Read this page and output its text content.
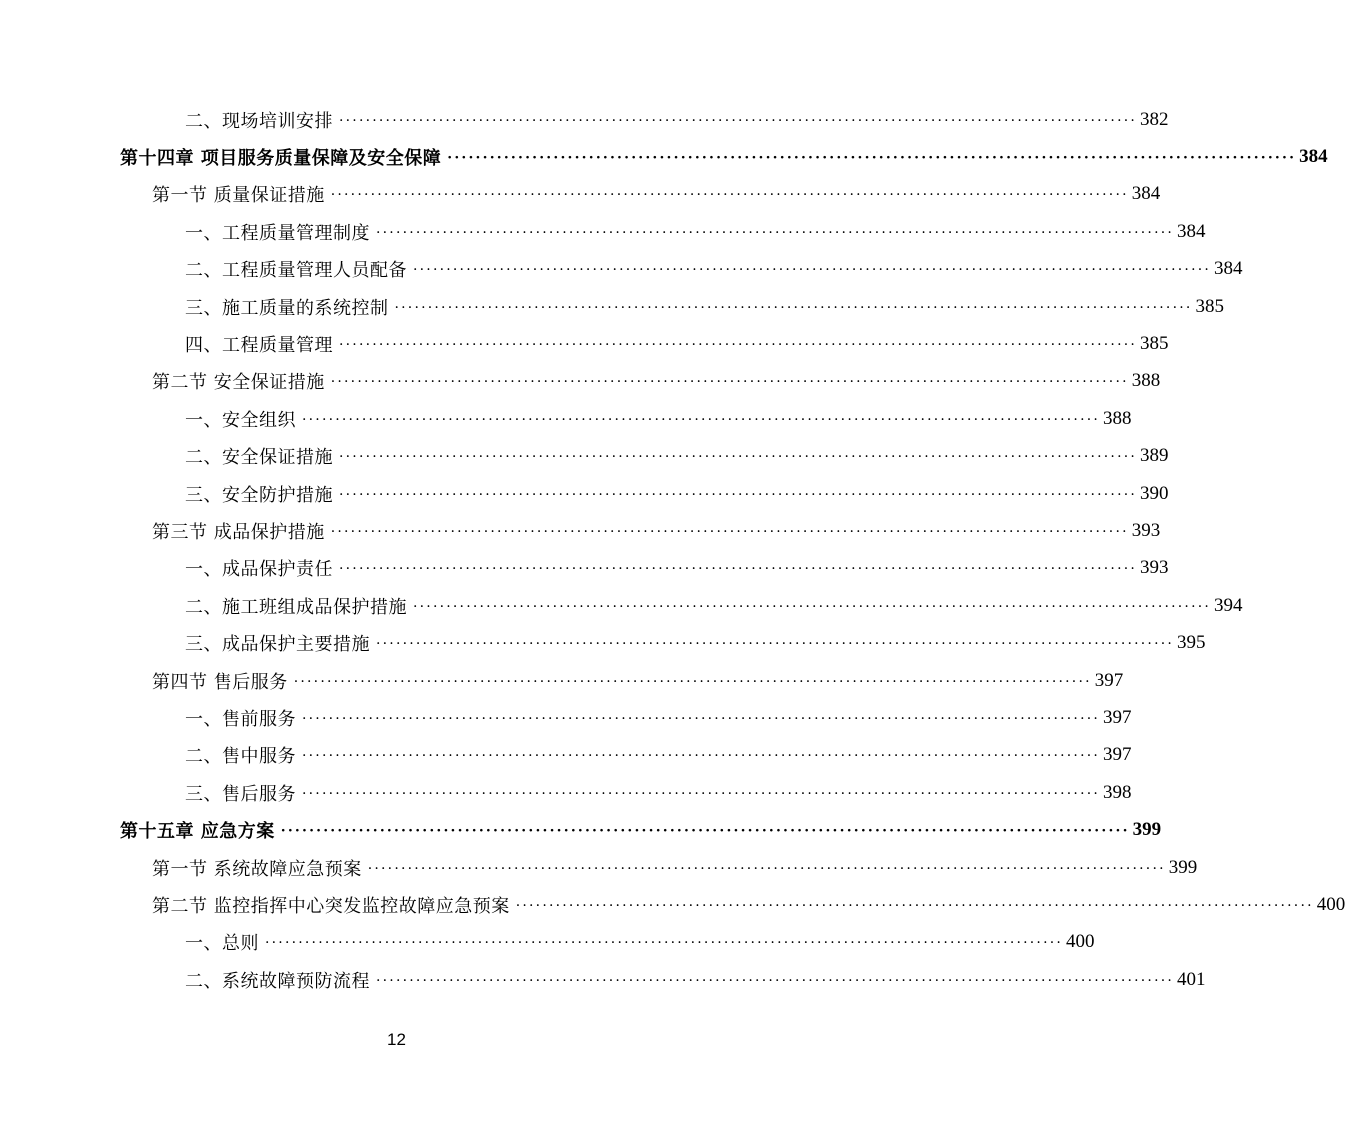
二、现场培训安排 ························································································································ 382
第十四章 项目服务质量保障及安全保障 ························································································································ 384
第一节 质量保证措施 ························································································································ 384
一、工程质量管理制度 ························································································································ 384
二、工程质量管理人员配备 ························································································································ 384
三、施工质量的系统控制 ························································································································ 385
四、工程质量管理 ························································································································ 385
第二节 安全保证措施 ························································································································ 388
一、安全组织 ························································································································ 388
二、安全保证措施 ························································································································ 389
三、安全防护措施 ························································································································ 390
第三节 成品保护措施 ························································································································ 393
一、成品保护责任 ························································································································ 393
二、施工班组成品保护措施 ························································································································ 394
三、成品保护主要措施 ························································································································ 395
第四节 售后服务 ························································································································ 397
一、售前服务 ························································································································ 397
二、售中服务 ························································································································ 397
三、售后服务 ························································································································ 398
第十五章 应急方案 ························································································································ 399
第一节 系统故障应急预案 ························································································································ 399
第二节 监控指挥中心突发监控故障应急预案 ························································································································ 400
一、总则 ························································································································ 400
二、系统故障预防流程 ························································································································ 401
12
